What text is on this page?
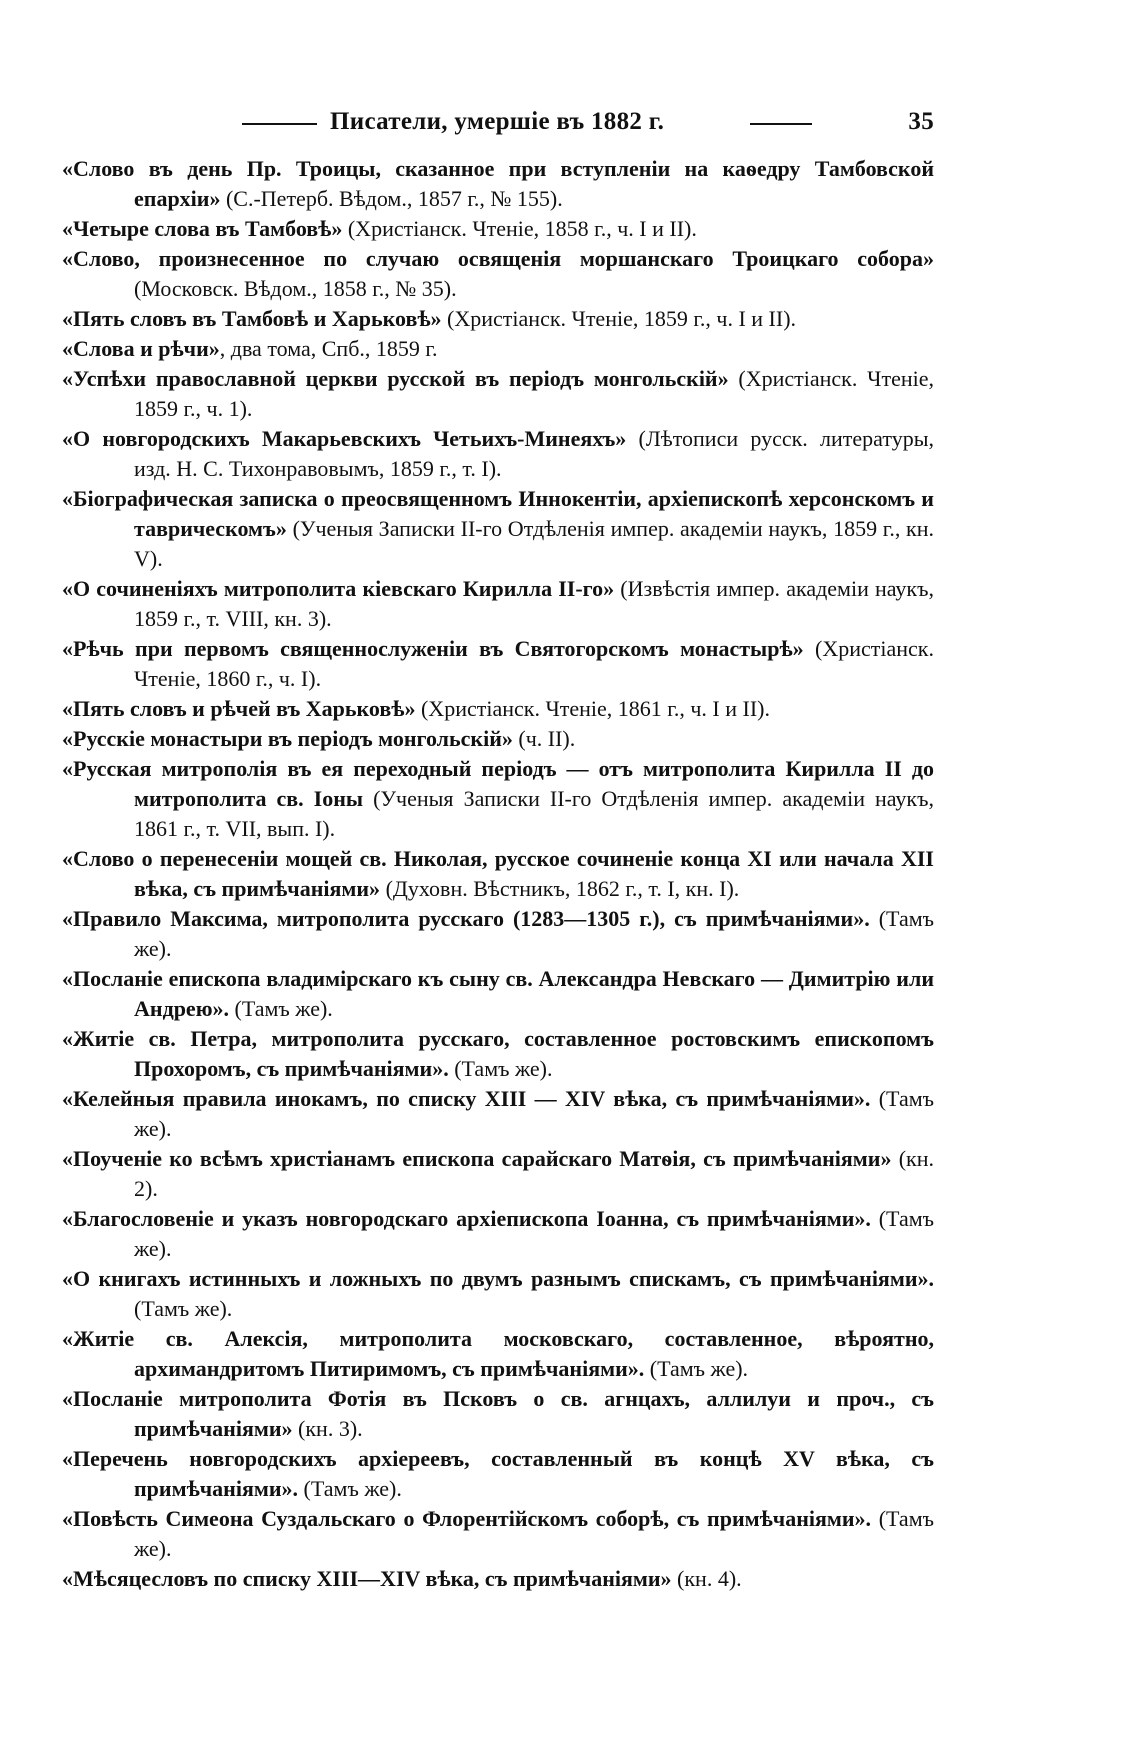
Писатели, умершіе въ 1882 г.	35
«Слово въ день Пр. Троицы, сказанное при вступленіи на каѳедру Тамбовской епархіи» (С.-Петерб. Вѣдом., 1857 г., № 155).
«Четыре слова въ Тамбовѣ» (Христіанск. Чтеніе, 1858 г., ч. I и II).
«Слово, произнесенное по случаю освященія моршанскаго Троицкаго собора» (Московск. Вѣдом., 1858 г., № 35).
«Пять словъ въ Тамбовѣ и Харьковѣ» (Христіанск. Чтеніе, 1859 г., ч. I и II).
«Слова и рѣчи», два тома, Спб., 1859 г.
«Успѣхи православной церкви русской въ періодъ монгольскій» (Христіанск. Чтеніе, 1859 г., ч. 1).
«О новгородскихъ Макарьевскихъ Четьихъ-Минеяхъ» (Лѣтописи русск. литературы, изд. Н. С. Тихонравовымъ, 1859 г., т. I).
«Біографическая записка о преосвященномъ Иннокентіи, архіепископѣ херсонскомъ и таврическомъ» (Ученыя Записки II-го Отдѣленія импер. академіи наукъ, 1859 г., кн. V).
«О сочиненіяхъ митрополита кіевскаго Кирилла II-го» (Извѣстія импер. академіи наукъ, 1859 г., т. VIII, кн. 3).
«Рѣчь при первомъ священнослуженіи въ Святогорскомъ монастырѣ» (Христіанск. Чтеніе, 1860 г., ч. I).
«Пять словъ и рѣчей въ Харьковѣ» (Христіанск. Чтеніе, 1861 г., ч. I и II).
«Русскіе монастыри въ періодъ монгольскій» (ч. II).
«Русская митрополія въ ея переходный періодъ — отъ митрополита Кирилла II до митрополита св. Іоны (Ученыя Записки II-го Отдѣленія импер. академіи наукъ, 1861 г., т. VII, вып. I).
«Слово о перенесеніи мощей св. Николая, русское сочиненіе конца XI или начала XII вѣка, съ примѣчаніями» (Духовн. Вѣстникъ, 1862 г., т. I, кн. I).
«Правило Максима, митрополита русскаго (1283—1305 г.), съ примѣчаніями». (Тамъ же).
«Посланіе епископа владимірскаго къ сыну св. Александра Невскаго — Димитрію или Андрею». (Тамъ же).
«Житіе св. Петра, митрополита русскаго, составленное ростовскимъ епископомъ Прохоромъ, съ примѣчаніями». (Тамъ же).
«Келейныя правила инокамъ, по списку XIII — XIV вѣка, съ примѣчаніями». (Тамъ же).
«Поученіе ко всѣмъ христіанамъ епископа сарайскаго Матѳія, съ примѣчаніями» (кн. 2).
«Благословеніе и указъ новгородскаго архіепископа Іоанна, съ примѣчаніями». (Тамъ же).
«О книгахъ истинныхъ и ложныхъ по двумъ разнымъ спискамъ, съ примѣчаніями». (Тамъ же).
«Житіе св. Алексія, митрополита московскаго, составленное, вѣроятно, архимандритомъ Питиримомъ, съ примѣчаніями». (Тамъ же).
«Посланіе митрополита Фотія въ Псковъ о св. агнцахъ, аллилуи и проч., съ примѣчаніями» (кн. 3).
«Перечень новгородскихъ архіереевъ, составленный въ концѣ XV вѣка, съ примѣчаніями». (Тамъ же).
«Повѣсть Симеона Суздальскаго о Флорентійскомъ соборѣ, съ примѣчаніями». (Тамъ же).
«Мѣсяцесловъ по списку XIII—XIV вѣка, съ примѣчаніями» (кн. 4).
